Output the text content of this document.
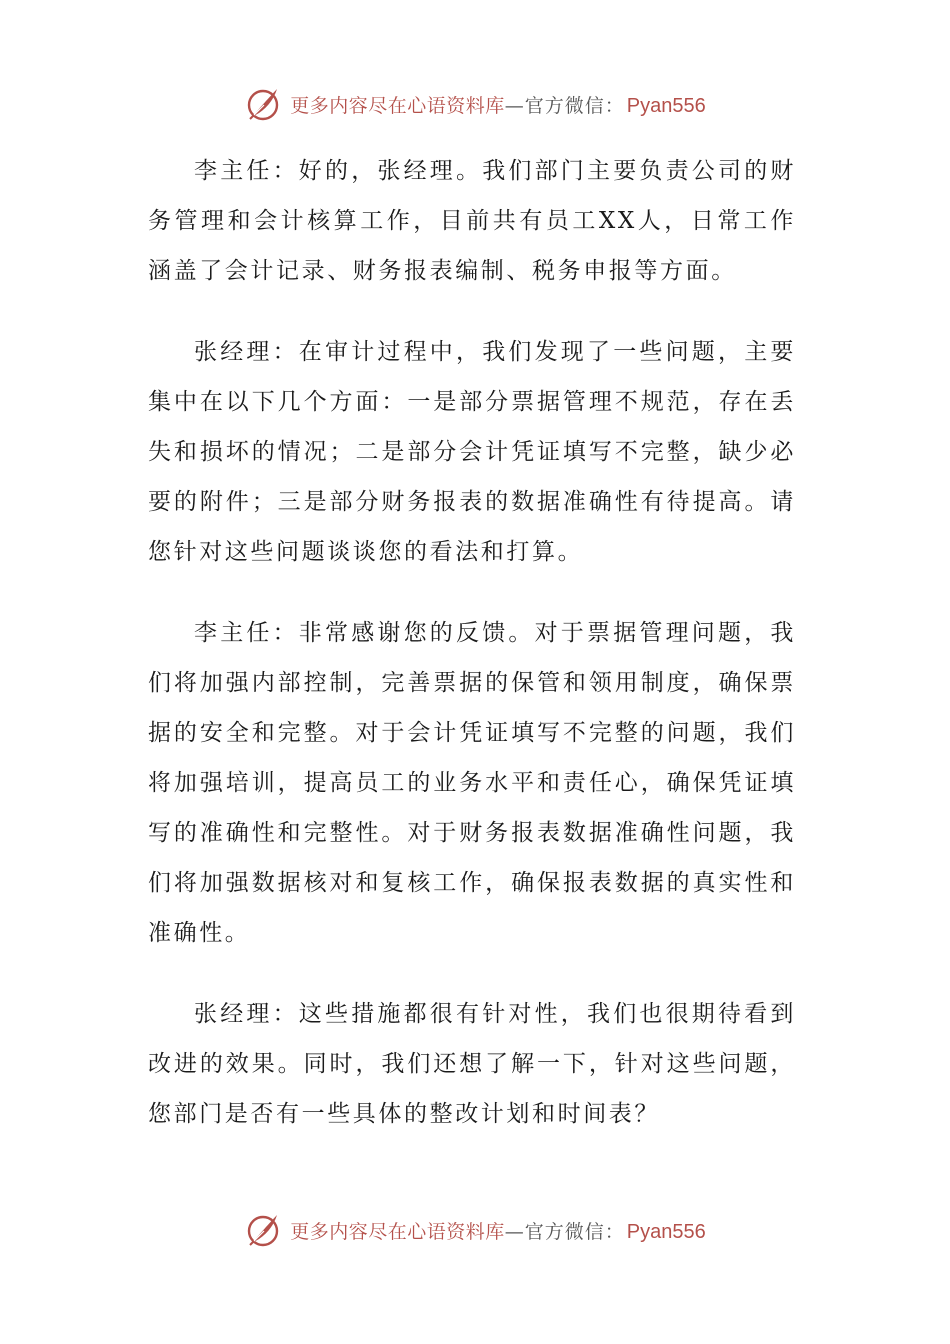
更多内容尽在心语资料库 —官方微信： Pyan556

李主任：好的，张经理。我们部门主要负责公司的财务管理和会计核算工作，目前共有员工XX人，日常工作涵盖了会计记录、财务报表编制、税务申报等方面。

张经理：在审计过程中，我们发现了一些问题，主要集中在以下几个方面：一是部分票据管理不规范，存在丢失和损坏的情况；二是部分会计凭证填写不完整，缺少必要的附件；三是部分财务报表的数据准确性有待提高。请您针对这些问题谈谈您的看法和打算。

李主任：非常感谢您的反馈。对于票据管理问题，我们将加强内部控制，完善票据的保管和领用制度，确保票据的安全和完整。对于会计凭证填写不完整的问题，我们将加强培训，提高员工的业务水平和责任心，确保凭证填写的准确性和完整性。对于财务报表数据准确性问题，我们将加强数据核对和复核工作，确保报表数据的真实性和准确性。

张经理：这些措施都很有针对性，我们也很期待看到改进的效果。同时，我们还想了解一下，针对这些问题，您部门是否有一些具体的整改计划和时间表？

更多内容尽在心语资料库 —官方微信： Pyan556
